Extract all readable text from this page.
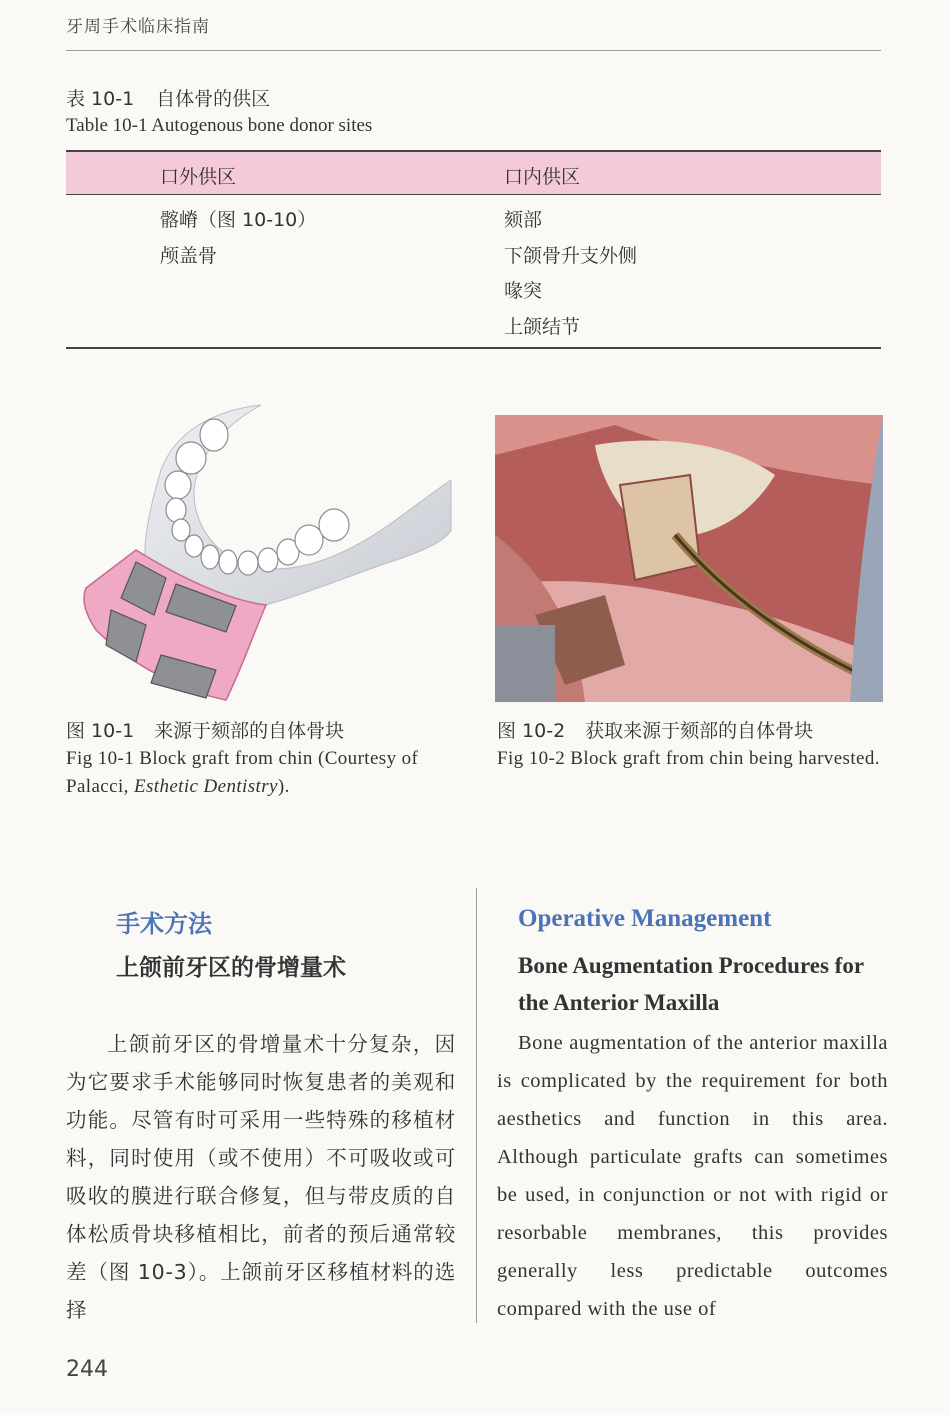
牙周手术临床指南
表 10-1 自体骨的供区
Table 10-1 Autogenous bone donor sites
口外供区	口内供区
髂嵴（图 10-10）
颅盖骨
颏部
下颌骨升支外侧
喙突
上颌结节
图 10-1 来源于颏部的自体骨块
Fig 10-1 Block graft from chin (Courtesy of Palacci, Esthetic Dentistry).
图 10-2 获取来源于颏部的自体骨块
Fig 10-2 Block graft from chin being harvested.
手术方法
上颌前牙区的骨增量术
上颌前牙区的骨增量术十分复杂，因为它要求手术能够同时恢复患者的美观和功能。尽管有时可采用一些特殊的移植材料，同时使用（或不使用）不可吸收或可吸收的膜进行联合修复，但与带皮质的自体松质骨块移植相比，前者的预后通常较差（图 10-3）。上颌前牙区移植材料的选择
Operative Management
Bone Augmentation Procedures for the Anterior Maxilla
Bone augmentation of the anterior maxilla is complicated by the requirement for both aesthetics and function in this area. Although particulate grafts can sometimes be used, in conjunction or not with rigid or resorbable membranes, this provides generally less predictable outcomes compared with the use of
244
